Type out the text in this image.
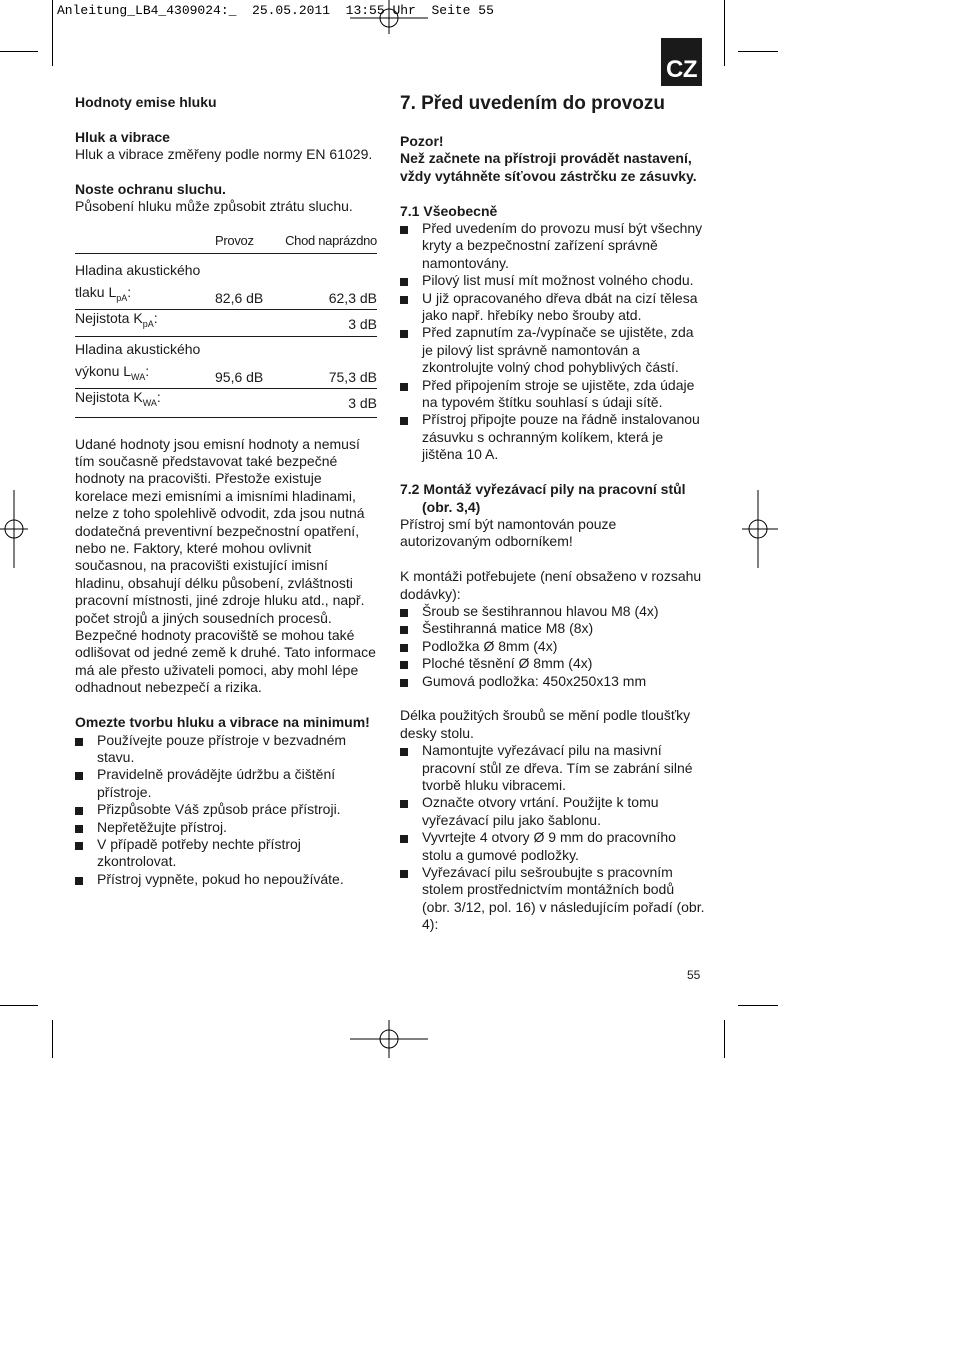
Anleitung_LB4_4309024:_  25.05.2011  13:55 Uhr  Seite 55
CZ

Hodnoty emise hluku

Hluk a vibrace

Hluk a vibrace změřeny podle normy EN 61029.

Noste ochranu sluchu.

Působení hluku může způsobit ztrátu sluchu.

	Provoz	Chod naprázdno
Hladina akustického		
tlaku $L_{pA}$:	82,6 dB	62,3 dB
Nejistota $K_{pA}$:		3 dB
Hladina akustického		
výkonu $L_{WA}$:	95,6 dB	75,3 dB
Nejistota $K_{WA}$:		3 dB

Udané hodnoty jsou emisní hodnoty a nemusí tím současně představovat také bezpečné hodnoty na pracovišti. Přestože existuje korelace mezi emisními a imisními hladinami, nelze z toho spolehlivě odvodit, zda jsou nutná dodatečná preventivní bezpečnostní opatření, nebo ne. Faktory, které mohou ovlivnit současnou, na pracovišti existující imisní hladinu, obsahují délku působení, zvláštnosti pracovní místnosti, jiné zdroje hluku atd., např. počet strojů a jiných sousedních procesů. Bezpečné hodnoty pracoviště se mohou také odlišovat od jedné země k druhé. Tato informace má ale přesto uživateli pomoci, aby mohl lépe odhadnout nebezpečí a rizika.

Omezte tvorbu hluku a vibrace na minimum!

Používejte pouze přístroje v bezvadném stavu.
Pravidelně provádějte údržbu a čištění přístroje.
Přizpůsobte Váš způsob práce přístroji.
Nepřetěžujte přístroj.
V případě potřeby nechte přístroj zkontrolovat.
Přístroj vypněte, pokud ho nepoužíváte.

7. Před uvedením do provozu

Pozor!

Než začnete na přístroji provádět nastavení, vždy vytáhněte síťovou zástrčku ze zásuvky.

7.1 Všeobecně

Před uvedením do provozu musí být všechny kryty a bezpečnostní zařízení správně namontovány.
Pilový list musí mít možnost volného chodu.
U již opracovaného dřeva dbát na cizí tělesa jako např. hřebíky nebo šrouby atd.
Před zapnutím za-/vypínače se ujistěte, zda je pilový list správně namontován a zkontrolujte volný chod pohyblivých částí.
Před připojením stroje se ujistěte, zda údaje na typovém štítku souhlasí s údaji sítě.
Přístroj připojte pouze na řádně instalovanou zásuvku s ochranným kolíkem, která je jištěna 10 A.

7.2 Montáž vyřezávací pily na pracovní stůl (obr. 3,4)

Přístroj smí být namontován pouze autorizovaným odborníkem!

K montáži potřebujete (není obsaženo v rozsahu dodávky):

Šroub se šestihrannou hlavou M8 (4x)
Šestihranná matice M8 (8x)
Podložka Ø 8mm (4x)
Ploché těsnění Ø 8mm (4x)
Gumová podložka: 450x250x13 mm

Délka použitých šroubů se mění podle tloušťky desky stolu.

Namontujte vyřezávací pilu na masivní pracovní stůl ze dřeva. Tím se zabrání silné tvorbě hluku vibracemi.
Označte otvory vrtání. Použijte k tomu vyřezávací pilu jako šablonu.
Vyvrtejte 4 otvory Ø 9 mm do pracovního stolu a gumové podložky.
Vyřezávací pilu sešroubujte s pracovním stolem prostřednictvím montážních bodů (obr. 3/12, pol. 16) v následujícím pořadí (obr. 4):
55
